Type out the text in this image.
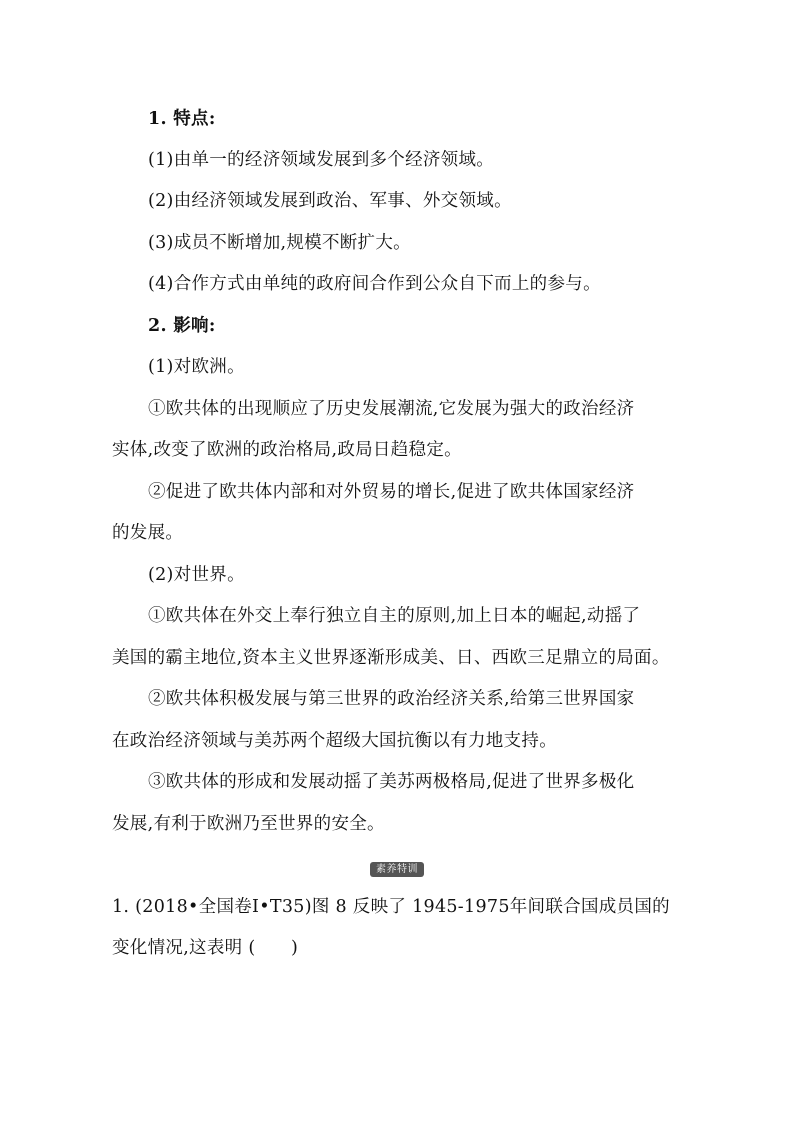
1. 特点:
(1)由单一的经济领域发展到多个经济领域。
(2)由经济领域发展到政治、军事、外交领域。
(3)成员不断增加,规模不断扩大。
(4)合作方式由单纯的政府间合作到公众自下而上的参与。
2. 影响:
(1)对欧洲。
①欧共体的出现顺应了历史发展潮流,它发展为强大的政治经济
实体,改变了欧洲的政治格局,政局日趋稳定。
②促进了欧共体内部和对外贸易的增长,促进了欧共体国家经济
的发展。
(2)对世界。
①欧共体在外交上奉行独立自主的原则,加上日本的崛起,动摇了
美国的霸主地位,资本主义世界逐渐形成美、日、西欧三足鼎立的局面。
②欧共体积极发展与第三世界的政治经济关系,给第三世界国家
在政治经济领域与美苏两个超级大国抗衡以有力地支持。
③欧共体的形成和发展动摇了美苏两极格局,促进了世界多极化
发展,有利于欧洲乃至世界的安全。
素养特训
1. (2018•全国卷Ⅰ•T35)图 8 反映了 1945-1975年间联合国成员国的
变化情况,这表明 (　　)
